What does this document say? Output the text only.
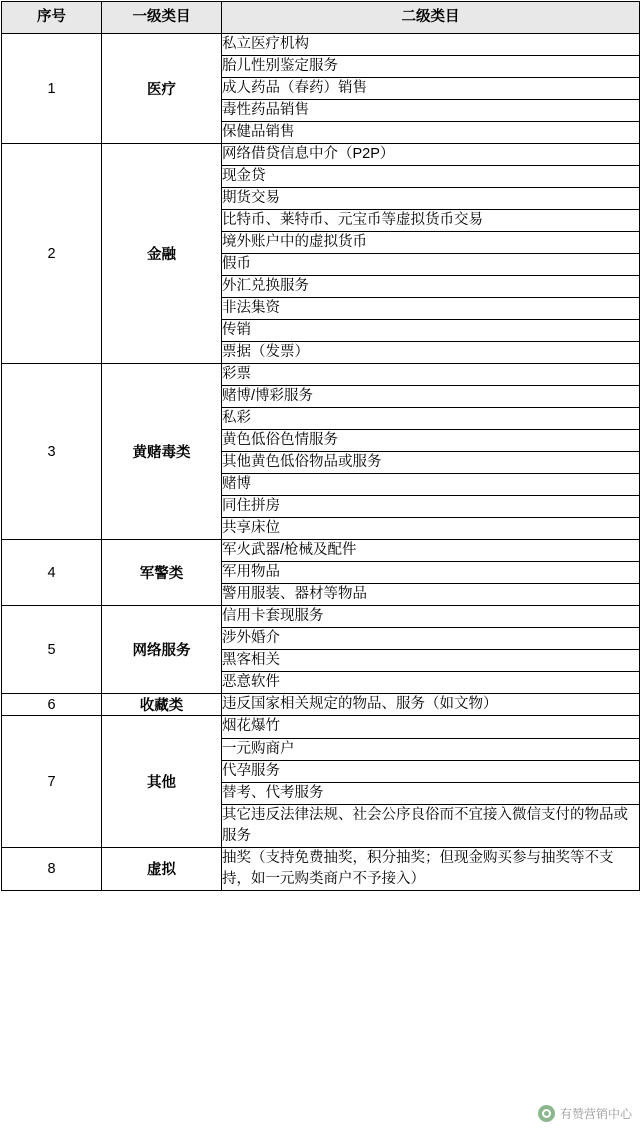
序号	一级类目	二级类目
1	医疗	私立医疗机构
		胎儿性别鉴定服务
		成人药品（春药）销售
		毒性药品销售
		保健品销售
2	金融	网络借贷信息中介（P2P）
		现金贷
		期货交易
		比特币、莱特币、元宝币等虚拟货币交易
		境外账户中的虚拟货币
		假币
		外汇兑换服务
		非法集资
		传销
		票据（发票）
3	黄赌毒类	彩票
		赌博/博彩服务
		私彩
		黄色低俗色情服务
		其他黄色低俗物品或服务
		赌博
		同住拼房
		共享床位
4	军警类	军火武器/枪械及配件
		军用物品
		警用服装、器材等物品
5	网络服务	信用卡套现服务
		涉外婚介
		黑客相关
		恶意软件
6	收藏类	违反国家相关规定的物品、服务（如文物）
7	其他	烟花爆竹
		一元购商户
		代孕服务
		替考、代考服务
		其它违反法律法规、社会公序良俗而不宜接入微信支付的物品或服务
8	虚拟	抽奖（支持免费抽奖，积分抽奖；但现金购买参与抽奖等不支持，如一元购类商户不予接入）
有赞营销中心
